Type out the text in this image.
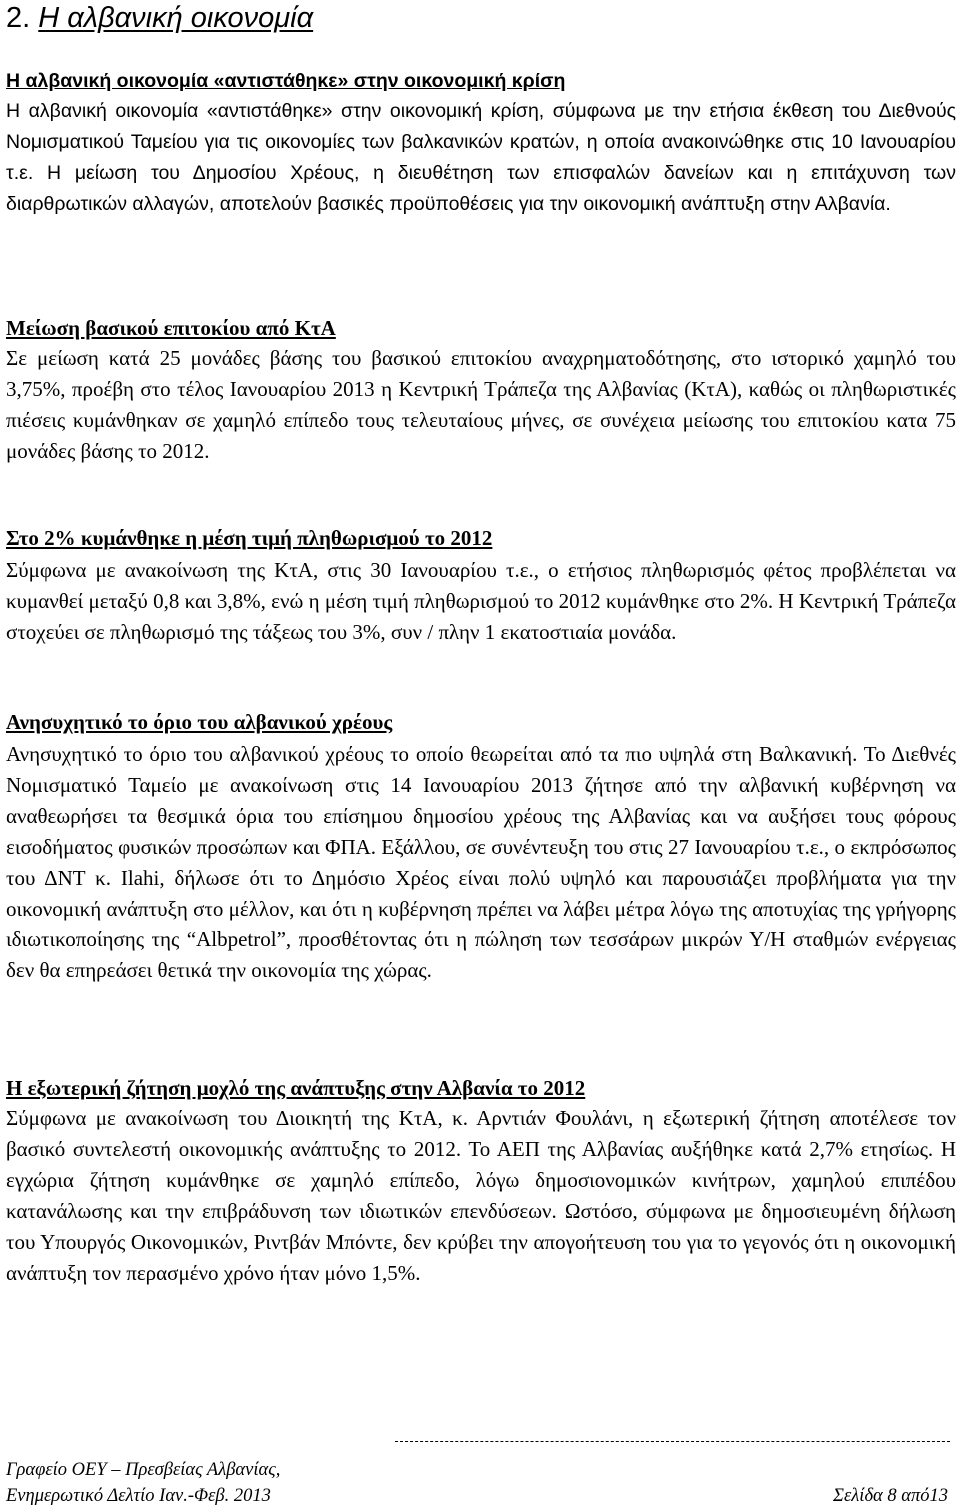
2. Η αλβανική οικονομία
Η αλβανική οικονομία «αντιστάθηκε» στην οικονομική κρίση

Η αλβανική οικονομία «αντιστάθηκε» στην οικονομική κρίση, σύμφωνα με την ετήσια έκθεση του Διεθνούς Νομισματικού Ταμείου για τις οικονομίες των βαλκανικών κρατών, η οποία ανακοινώθηκε στις 10 Ιανουαρίου τ.ε. Η μείωση του Δημοσίου Χρέους, η διευθέτηση των επισφαλών δανείων και η επιτάχυνση των διαρθρωτικών αλλαγών, αποτελούν βασικές προϋποθέσεις για την οικονομική ανάπτυξη στην Αλβανία.

Μείωση βασικού επιτοκίου από ΚτΑ

Σε μείωση κατά 25 μονάδες βάσης του βασικού επιτοκίου αναχρηματοδότησης, στο ιστορικό χαμηλό του 3,75%, προέβη στο τέλος Ιανουαρίου 2013 η Κεντρική Τράπεζα της Αλβανίας (ΚτΑ), καθώς οι πληθωριστικές πιέσεις κυμάνθηκαν σε χαμηλό επίπεδο τους τελευταίους μήνες, σε συνέχεια μείωσης του επιτοκίου κατα 75 μονάδες βάσης το 2012.

Στο 2% κυμάνθηκε η μέση τιμή πληθωρισμού το 2012

Σύμφωνα με ανακοίνωση της ΚτΑ, στις 30 Ιανουαρίου τ.ε., ο ετήσιος πληθωρισμός φέτος προβλέπεται να κυμανθεί μεταξύ 0,8 και 3,8%, ενώ η μέση τιμή πληθωρισμού το 2012 κυμάνθηκε στο 2%. Η Κεντρική Τράπεζα στοχεύει σε πληθωρισμό της τάξεως του 3%, συν / πλην 1 εκατοστιαία μονάδα.

Ανησυχητικό το όριο του αλβανικού χρέους

Ανησυχητικό το όριο του αλβανικού χρέους το οποίο θεωρείται από τα πιο υψηλά στη Βαλκανική. Το Διεθνές Νομισματικό Ταμείο με ανακοίνωση στις 14 Ιανουαρίου 2013 ζήτησε από την αλβανική κυβέρνηση να αναθεωρήσει τα θεσμικά όρια του επίσημου δημοσίου χρέους της Αλβανίας και να αυξήσει τους φόρους εισοδήματος φυσικών προσώπων και ΦΠΑ. Εξάλλου, σε συνέντευξη του στις 27 Ιανουαρίου τ.ε., ο εκπρόσωπος του ΔΝΤ κ. Ilahi, δήλωσε ότι το Δημόσιο Χρέος είναι πολύ υψηλό και παρουσιάζει προβλήματα για την οικονομική ανάπτυξη στο μέλλον, και ότι η κυβέρνηση πρέπει να λάβει μέτρα λόγω της αποτυχίας της γρήγορης ιδιωτικοποίησης της “Albpetrol”, προσθέτοντας ότι η πώληση των τεσσάρων μικρών Υ/Η σταθμών ενέργειας δεν θα επηρεάσει θετικά την οικονομία της χώρας.

Η εξωτερική ζήτηση μοχλό της ανάπτυξης στην Αλβανία το 2012

Σύμφωνα με ανακοίνωση του Διοικητή της ΚτΑ, κ. Αρντιάν Φουλάνι, η εξωτερική ζήτηση αποτέλεσε τον βασικό συντελεστή οικονομικής ανάπτυξης το 2012. Το ΑΕΠ της Αλβανίας αυξήθηκε κατά 2,7% ετησίως. Η εγχώρια ζήτηση κυμάνθηκε σε χαμηλό επίπεδο, λόγω δημοσιονομικών κινήτρων, χαμηλού επιπέδου κατανάλωσης και την επιβράδυνση των ιδιωτικών επενδύσεων. Ωστόσο, σύμφωνα με δημοσιευμένη δήλωση του Υπουργός Οικονομικών, Ριντβάν Μπόντε, δεν κρύβει την απογοήτευση του για το γεγονός ότι η οικονομική ανάπτυξη τον περασμένο χρόνο ήταν μόνο 1,5%.

Γραφείο ΟΕΥ – Πρεσβείας Αλβανίας,
Ενημερωτικό Δελτίο Ιαν.-Φεβ. 2013	Σελίδα 8 από13
